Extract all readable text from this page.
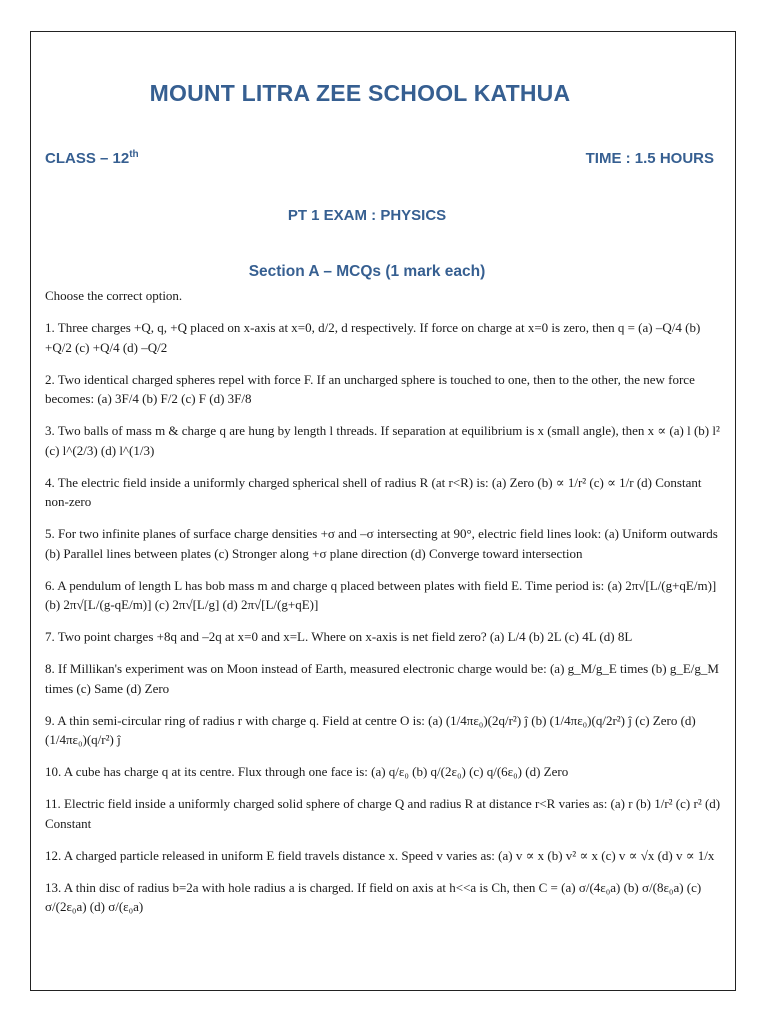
MOUNT LITRA ZEE SCHOOL KATHUA
CLASS – 12th	TIME : 1.5 HOURS
PT 1 EXAM : PHYSICS
Section A – MCQs (1 mark each)
Choose the correct option.

1. Three charges +Q, q, +Q placed on x-axis at x=0, d/2, d respectively. If force on charge at x=0 is zero, then q = (a) –Q/4 (b) +Q/2 (c) +Q/4 (d) –Q/2

2. Two identical charged spheres repel with force F. If an uncharged sphere is touched to one, then to the other, the new force becomes: (a) 3F/4 (b) F/2 (c) F (d) 3F/8

3. Two balls of mass m & charge q are hung by length l threads. If separation at equilibrium is x (small angle), then x ∝ (a) l (b) l² (c) l^(2/3) (d) l^(1/3)

4. The electric field inside a uniformly charged spherical shell of radius R (at r<R) is: (a) Zero (b) ∝ 1/r² (c) ∝ 1/r (d) Constant non-zero

5. For two infinite planes of surface charge densities +σ and –σ intersecting at 90°, electric field lines look: (a) Uniform outwards (b) Parallel lines between plates (c) Stronger along +σ plane direction (d) Converge toward intersection

6. A pendulum of length L has bob mass m and charge q placed between plates with field E. Time period is: (a) 2π√[L/(g+qE/m)] (b) 2π√[L/(g-qE/m)] (c) 2π√[L/g] (d) 2π√[L/(g+qE)]

7. Two point charges +8q and –2q at x=0 and x=L. Where on x-axis is net field zero? (a) L/4 (b) 2L (c) 4L (d) 8L

8. If Millikan's experiment was on Moon instead of Earth, measured electronic charge would be: (a) g_M/g_E times (b) g_E/g_M times (c) Same (d) Zero

9. A thin semi-circular ring of radius r with charge q. Field at centre O is: (a) (1/4πε₀)(2q/r²) ĵ (b) (1/4πε₀)(q/2r²) ĵ (c) Zero (d) (1/4πε₀)(q/r²) ĵ

10. A cube has charge q at its centre. Flux through one face is: (a) q/ε₀ (b) q/(2ε₀) (c) q/(6ε₀) (d) Zero

11. Electric field inside a uniformly charged solid sphere of charge Q and radius R at distance r<R varies as: (a) r (b) 1/r² (c) r² (d) Constant

12. A charged particle released in uniform E field travels distance x. Speed v varies as: (a) v ∝ x (b) v² ∝ x (c) v ∝ √x (d) v ∝ 1/x

13. A thin disc of radius b=2a with hole radius a is charged. If field on axis at h<<a is Ch, then C = (a) σ/(4ε₀a) (b) σ/(8ε₀a) (c) σ/(2ε₀a) (d) σ/(ε₀a)
